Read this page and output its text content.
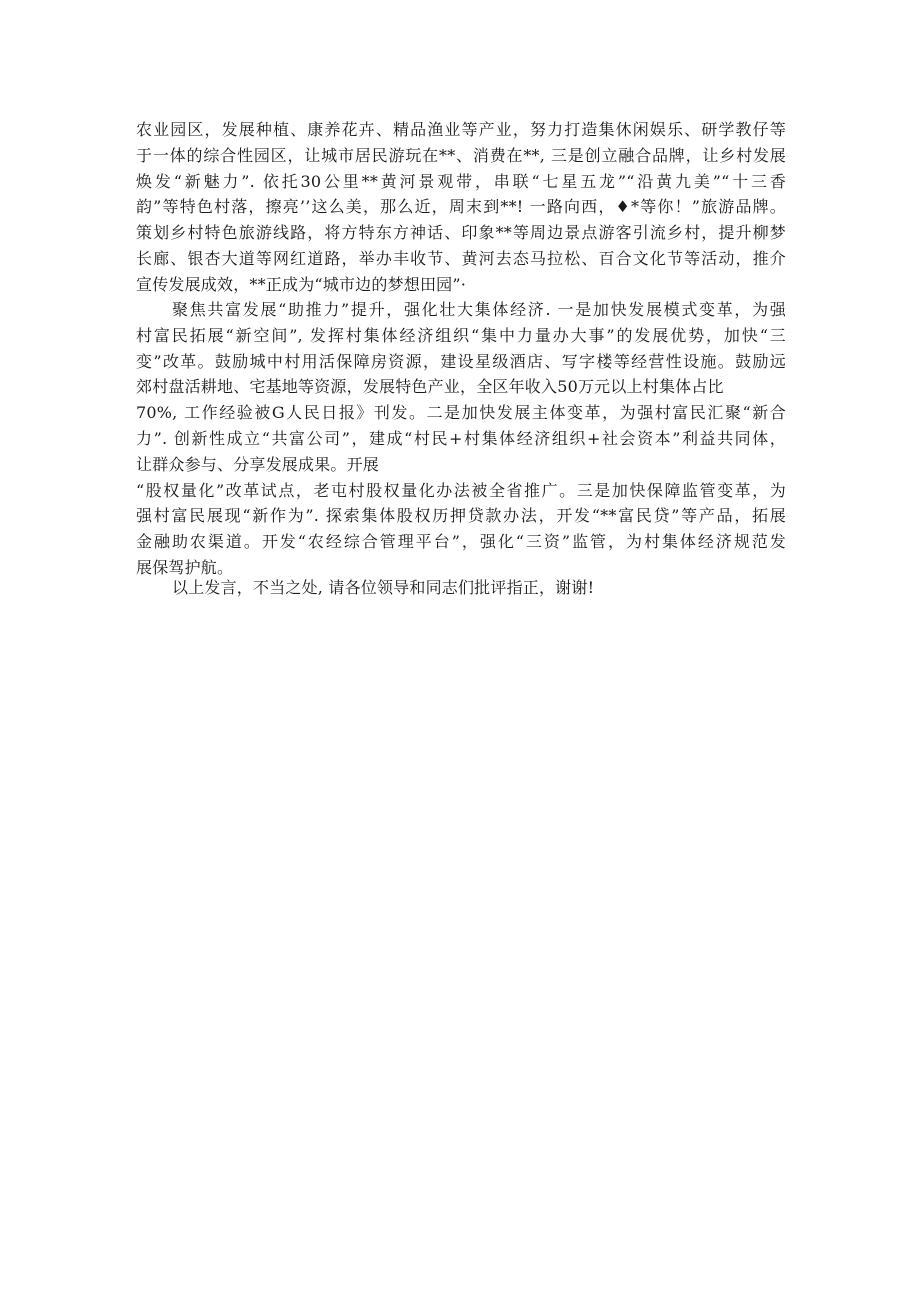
农业园区，发展种植、康养花卉、精品渔业等产业，努力打造集休闲娱乐、研学教仔等
于一体的综合性园区，让城市居民游玩在**、消费在**, 三是创立融合品牌，让乡村发展
焕发“新魅力”. 依托30公里**黄河景观带，串联“七星五龙”“沿黄九美”“十三香
韵”等特色村落，擦亮’’这么美，那么近，周末到**! 一路向西，♦*等你！”旅游品牌。
策划乡村特色旅游线路，将方特东方神话、印象**等周边景点游客引流乡村，提升柳梦
长廊、银杏大道等网红道路，举办丰收节、黄河去态马拉松、百合文化节等活动，推介
宣传发展成效，**正成为“城市边的梦想田园”·
聚焦共富发展“助推力”提升，强化壮大集体经济. 一是加快发展模式变革，为强
村富民拓展“新空间”, 发挥村集体经济组织“集中力量办大事”的发展优势，加快“三
变”改革。鼓励城中村用活保障房资源，建设星级酒店、写字楼等经营性设施。鼓励远
郊村盘活耕地、宅基地等资源，发展特色产业，全区年收入50万元以上村集体占比
70%, 工作经验被G人民日报》刊发。二是加快发展主体变革，为强村富民汇聚“新合
力”. 创新性成立“共富公司”，建成“村民+村集体经济组织+社会资本”利益共同体，
让群众参与、分享发展成果。开展
“股权量化”改革试点，老屯村股权量化办法被全省推广。三是加快保障监管变革，为
强村富民展现“新作为”. 探索集体股权历押贷款办法，开发“**富民贷”等产品，拓展
金融助农渠道。开发“农经综合管理平台”，强化“三资”监管，为村集体经济规范发
展保驾护航。
以上发言，不当之处, 请各位领导和同志们批评指正，谢谢!
